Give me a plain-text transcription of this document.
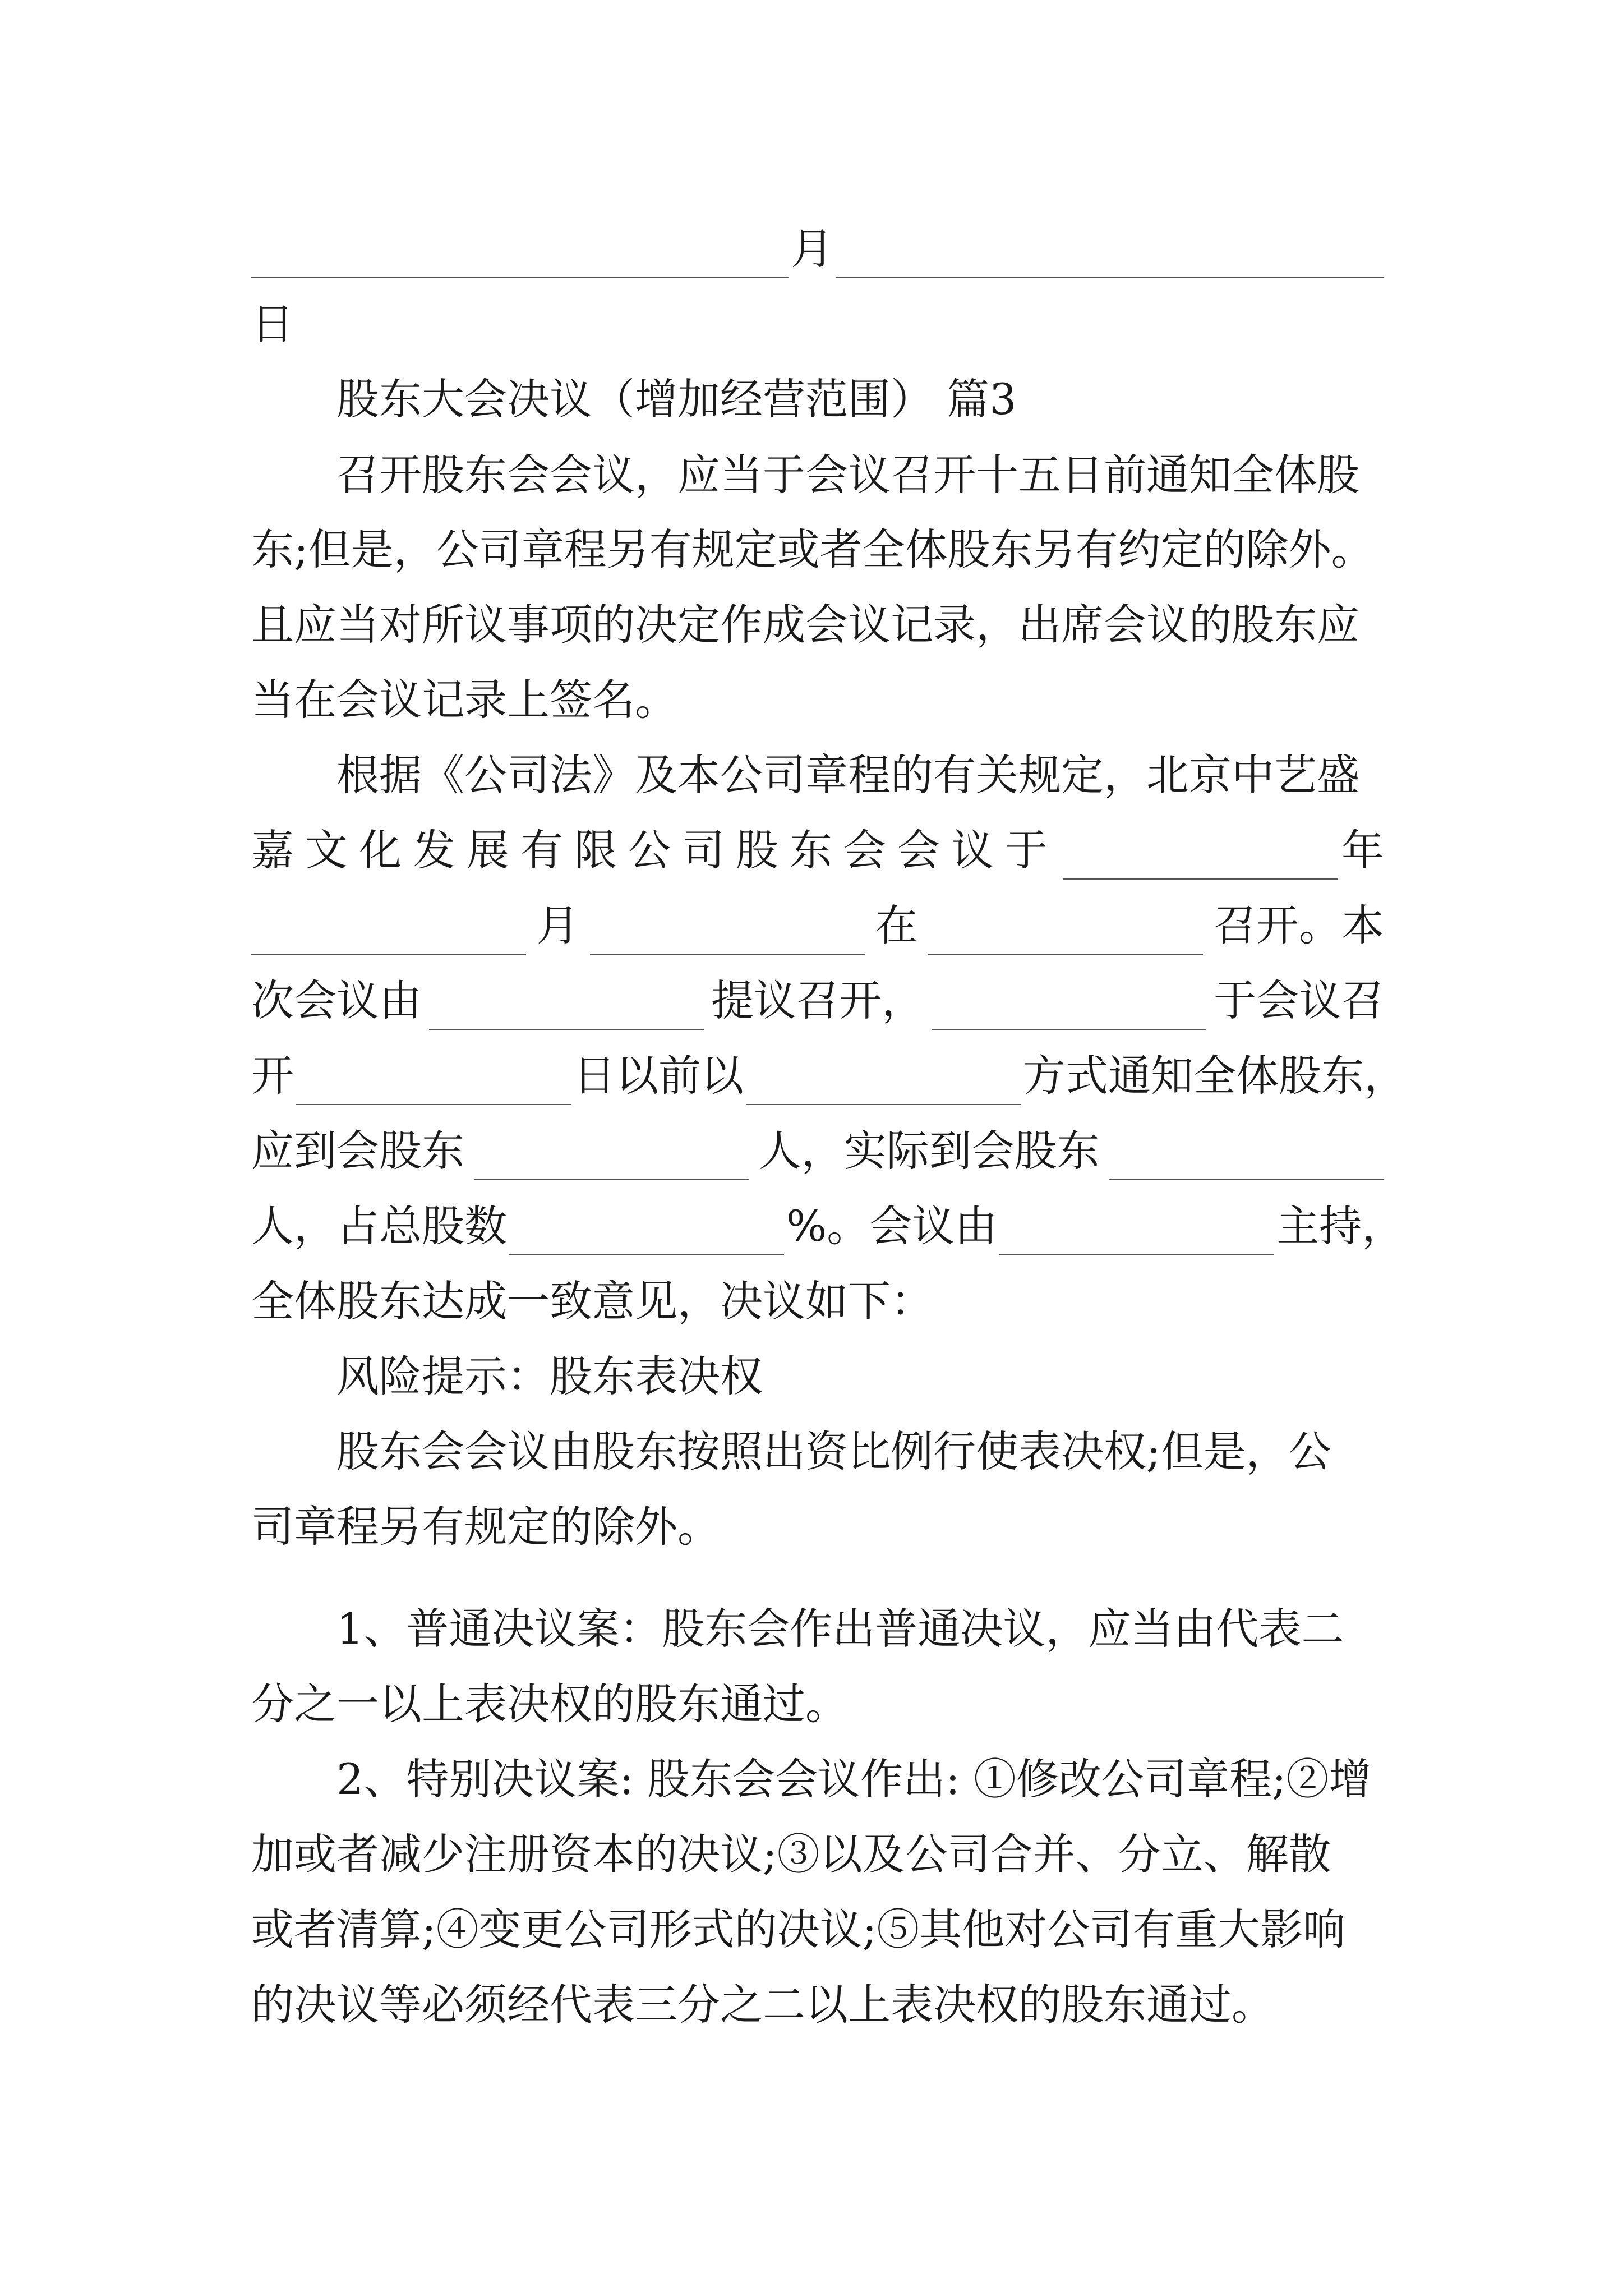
月
日
股东大会决议（增加经营范围） 篇3
召开股东会会议，应当于会议召开十五日前通知全体股
东;但是，公司章程另有规定或者全体股东另有约定的除外。
且应当对所议事项的决定作成会议记录，出席会议的股东应
当在会议记录上签名。
根据《公司法》及本公司章程的有关规定，北京中艺盛
嘉文化发展有限公司股东会会议于	年
月	在	召开。本
次会议由	提议召开，	于会议召
开	日以前以	方式通知全体股东，
应到会股东	人，实际到会股东
人，占总股数	%。会议由	主持，
全体股东达成一致意见，决议如下：
风险提示：股东表决权
股东会会议由股东按照出资比例行使表决权;但是，公
司章程另有规定的除外。
1、普通决议案：股东会作出普通决议，应当由代表二
分之一以上表决权的股东通过。
2、特别决议案: 股东会会议作出: ①修改公司章程;②增
加或者减少注册资本的决议;③以及公司合并、分立、解散
或者清算;④变更公司形式的决议;⑤其他对公司有重大影响
的决议等必须经代表三分之二以上表决权的股东通过。
